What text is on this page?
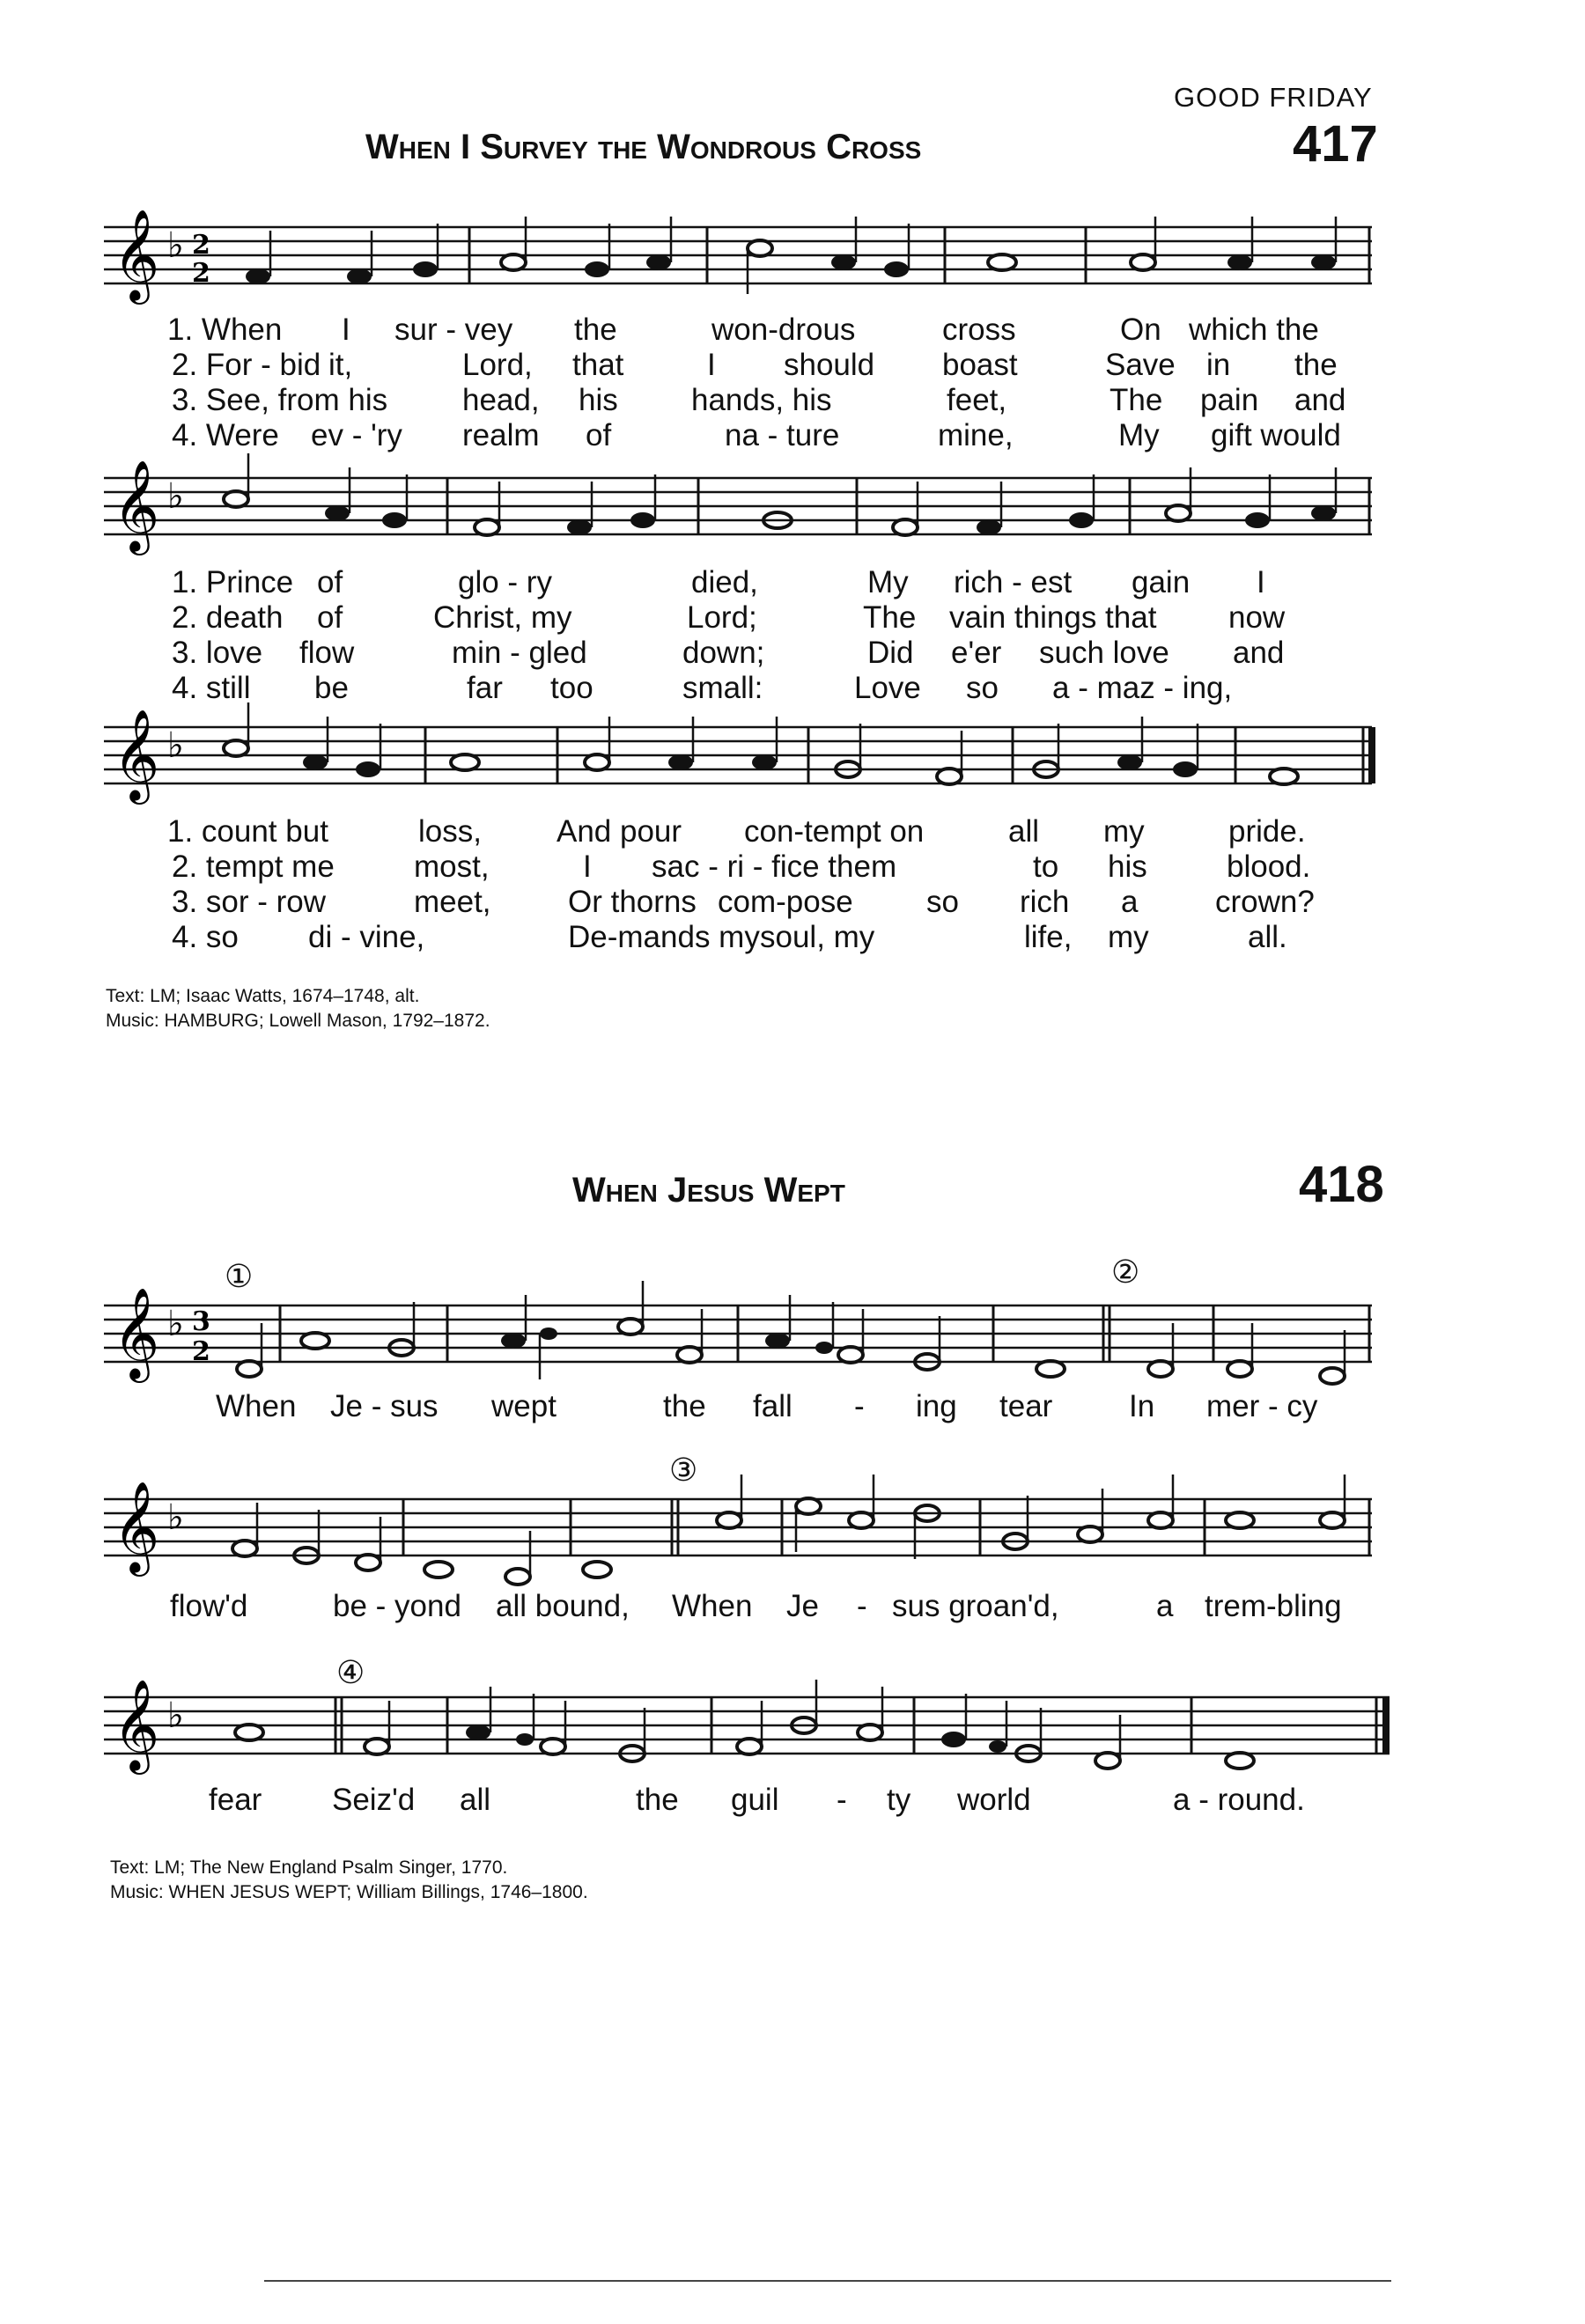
GOOD FRIDAY
When I Survey the Wondrous Cross	417
𝄞 ♭ 2
2
1. When I sur - vey the	won-drous	cross	On which the
2. For - bid it,	Lord, that	I should boast	Save in the
3. See, from his head, his hands, his	feet,	The pain and
4. Were ev - 'ry realm of	na - ture	mine,	My gift would
𝄞 ♭
1. Prince of	glo - ry	died,	My rich - est gain I
2. death of	Christ, my	Lord;	The vain things that now
3. love flow	min - gled	down;	Did e'er such love and
4. still be	far too	small:	Love so a - maz - ing,
𝄞 ♭
1. count but	loss, And pour con-tempt on	all my	pride.
2. tempt me	most,	I sac - ri - fice them	to his	blood.
3. sor - row	meet, Or thorns com-pose so rich a	crown?
4. so di - vine,	De-mands my soul, my	life, my	all.
Text: LM; Isaac Watts, 1674–1748, alt.
Music: HAMBURG; Lowell Mason, 1792–1872.
When Jesus Wept	418
①	②
𝄞 ♭ 3
2
When Je - sus wept	the fall - ing tear In mer - cy
③
𝄞 ♭
flow'd	be - yond all bound, When Je - sus groan'd,	a trem-bling
④
𝄞 ♭
fear Seiz'd all	the guil - ty world	a - round.
Text: LM; The New England Psalm Singer, 1770.
Music: WHEN JESUS WEPT; William Billings, 1746–1800.
